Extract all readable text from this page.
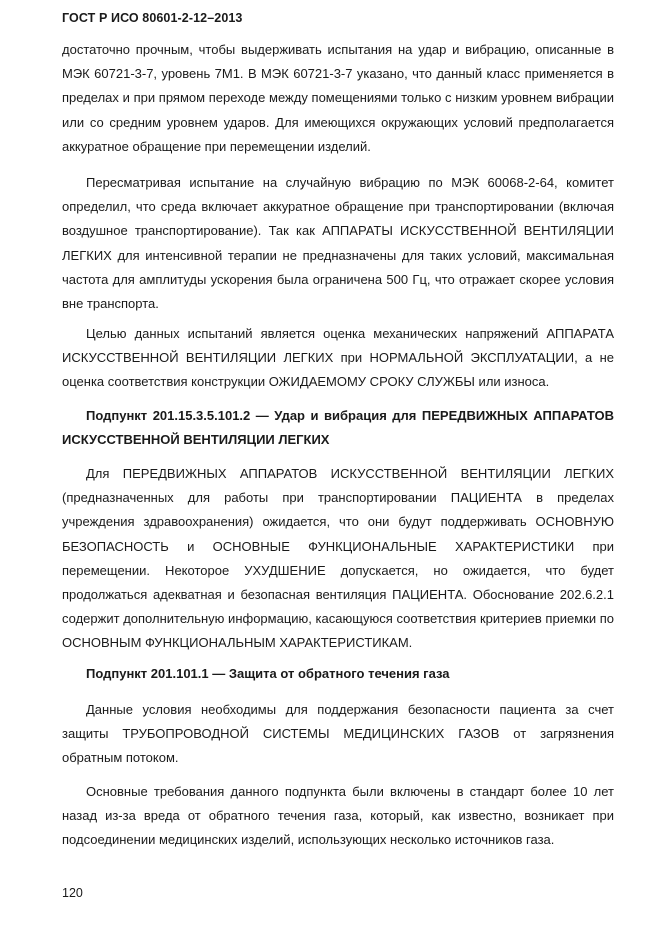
ГОСТ Р ИСО 80601-2-12–2013
достаточно прочным, чтобы выдерживать испытания на удар и вибрацию, описанные в МЭК 60721-3-7, уровень 7М1. В МЭК 60721-3-7 указано, что данный класс применяется в пределах и при прямом переходе между помещениями только с низким уровнем вибрации или со средним уровнем ударов. Для имеющихся окружающих условий предполагается аккуратное обращение при перемещении изделий.
Пересматривая испытание на случайную вибрацию по МЭК 60068-2-64, комитет определил, что среда включает аккуратное обращение при транспортировании (включая воздушное транспортирование). Так как АППАРАТЫ ИСКУССТВЕННОЙ ВЕНТИЛЯЦИИ ЛЕГКИХ для интенсивной терапии не предназначены для таких условий, максимальная частота для амплитуды ускорения была ограничена 500 Гц, что отражает скорее условия вне транспорта.
Целью данных испытаний является оценка механических напряжений АППАРАТА ИСКУССТВЕННОЙ ВЕНТИЛЯЦИИ ЛЕГКИХ при НОРМАЛЬНОЙ ЭКСПЛУАТАЦИИ, а не оценка соответствия конструкции ОЖИДАЕМОМУ СРОКУ СЛУЖБЫ или износа.
Подпункт 201.15.3.5.101.2 — Удар и вибрация для ПЕРЕДВИЖНЫХ АППАРАТОВ ИСКУССТВЕННОЙ ВЕНТИЛЯЦИИ ЛЕГКИХ
Для ПЕРЕДВИЖНЫХ АППАРАТОВ ИСКУССТВЕННОЙ ВЕНТИЛЯЦИИ ЛЕГКИХ (предназначенных для работы при транспортировании ПАЦИЕНТА в пределах учреждения здравоохранения) ожидается, что они будут поддерживать ОСНОВНУЮ БЕЗОПАСНОСТЬ и ОСНОВНЫЕ ФУНКЦИОНАЛЬНЫЕ ХАРАКТЕРИСТИКИ при перемещении. Некоторое УХУДШЕНИЕ допускается, но ожидается, что будет продолжаться адекватная и безопасная вентиляция ПАЦИЕНТА. Обоснование 202.6.2.1 содержит дополнительную информацию, касающуюся соответствия критериев приемки по ОСНОВНЫМ ФУНКЦИОНАЛЬНЫМ ХАРАКТЕРИСТИКАМ.
Подпункт 201.101.1 — Защита от обратного течения газа
Данные условия необходимы для поддержания безопасности пациента за счет защиты ТРУБОПРОВОДНОЙ СИСТЕМЫ МЕДИЦИНСКИХ ГАЗОВ от загрязнения обратным потоком.
Основные требования данного подпункта были включены в стандарт более 10 лет назад из-за вреда от обратного течения газа, который, как известно, возникает при подсоединении медицинских изделий, использующих несколько источников газа.
120
